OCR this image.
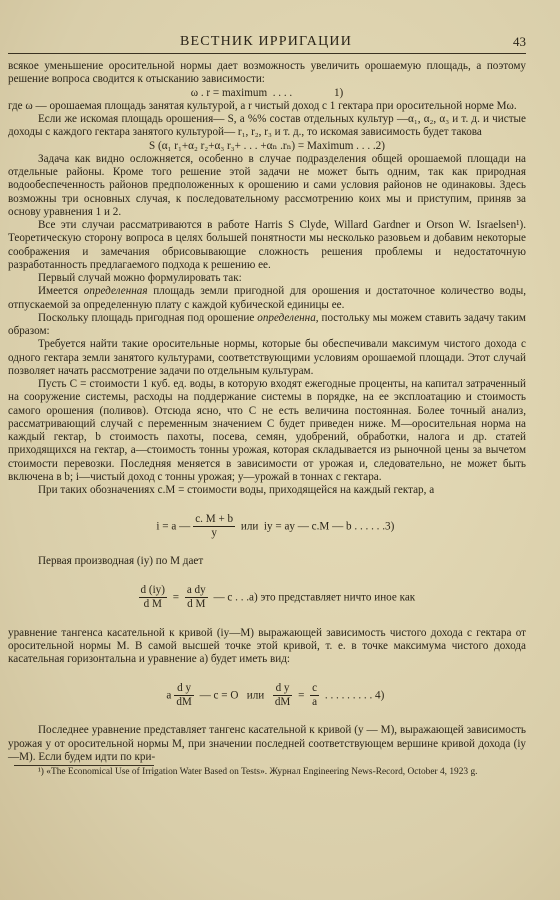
ВЕСТНИК ИРРИГАЦИИ	43

всякое уменьшение оросительной нормы дает возможность увеличить орошаемую площадь, а поэтому решение вопроса сводится к отысканию зависимости:

ω . r = maximum  . . . .               1)

где ω — орошаемая площадь занятая культурой, а r чистый доход с 1 гектара при оросительной норме Mω.

Если же искомая площадь орошения— S, а %% состав отдельных культур —α₁, α₂, α₃ и т. д. и чистые доходы с каждого гектара занятого культурой— r₁, r₂, r₃ и т. д., то искомая зависимость будет такова

S (α₁ r₁+α₂ r₂+α₃ r₃+ . . . +αₙ .rₙ) = Maximum . . . .2)

Задача как видно осложняется, особенно в случае подразделения общей орошаемой площади на отдельные районы. Кроме того решение этой задачи не может быть одним, так как природная водообеспеченность районов предположенных к орошению и сами условия районов не одинаковы. Здесь возможны три основных случая, к последовательному рассмотрению коих мы и приступим, приняв за основу уравнения 1 и 2.

Все эти случаи рассматриваются в работе Harris S Clyde, Willard Gardner и Orson W. Israelsen¹). Теоретическую сторону вопроса в целях большей понятности мы несколько разовьем и добавим некоторые соображения и замечания обрисовывающие сложность решения проблемы и недостаточную разработанность предлагаемого подхода к решению ее.

Первый случай можно формулировать так:

Имеется определенная площадь земли пригодной для орошения и достаточное количество воды, отпускаемой за определенную плату с каждой кубической единицы ее.

Поскольку площадь пригодная под орошение определенна, постольку мы можем ставить задачу таким образом:

Требуется найти такие оросительные нормы, которые бы обеспечивали максимум чистого дохода с одного гектара земли занятого культурами, соответствующими условиям орошаемой площади. Этот случай позволяет начать рассмотрение задачи по отдельным культурам.

Пусть C = стоимости 1 куб. ед. воды, в которую входят ежегодные проценты, на капитал затраченный на сооружение системы, расходы на поддержание системы в порядке, на ее эксплоатацию и стоимость самого орошения (поливов). Отсюда ясно, что C не есть величина постоянная. Более точный анализ, рассматривающий случай с переменным значением C будет приведен ниже. M—оросительная норма на каждый гектар, b стоимость пахоты, посева, семян, удобрений, обработки, налога и др. статей приходящихся на гектар, a—стоимость тонны урожая, которая складывается из рыночной цены за вычетом стоимости перевозки. Последняя меняется в зависимости от урожая и, следовательно, не может быть включена в b; i—чистый доход с тонны урожая; y—урожай в тоннах с гектара.

При таких обозначениях c.M = стоимости воды, приходящейся на каждый гектар, а

i = a — $\frac{c. M + b}{y}$ или  iy = ay — c.M — b . . . . . .3)

Первая производная (iy) по M дает

$\frac{d (iy)}{\text{d M}} = \frac{\text{a dy}}{\text{d M}}$ — c . . .a) это представляет ничто иное как

уравнение тангенса касательной к кривой (iy—M) выражающей зависимость чистого дохода с гектара от оросительной нормы M. В самой высшей точке этой кривой, т. е. в точке максимума чистого дохода касательная горизонтальна и уравнение a) будет иметь вид:

a $\frac{\text{d y}}{dM}$ — c = O   или $\frac{\text{d y}}{dM} = \frac{c}{a}$ . . . . . . . . . 4)

Последнее уравнение представляет тангенс касательной к кривой (y — M), выражающей зависимость урожая y от оросительной нормы M, при значении последней соответствующем вершине кривой дохода (iy—M). Если будем идти по кри-

¹) «The Economical Use of Irrigation Water Based on Tests». Журнал Engineering News-Record, October 4, 1923 g.
